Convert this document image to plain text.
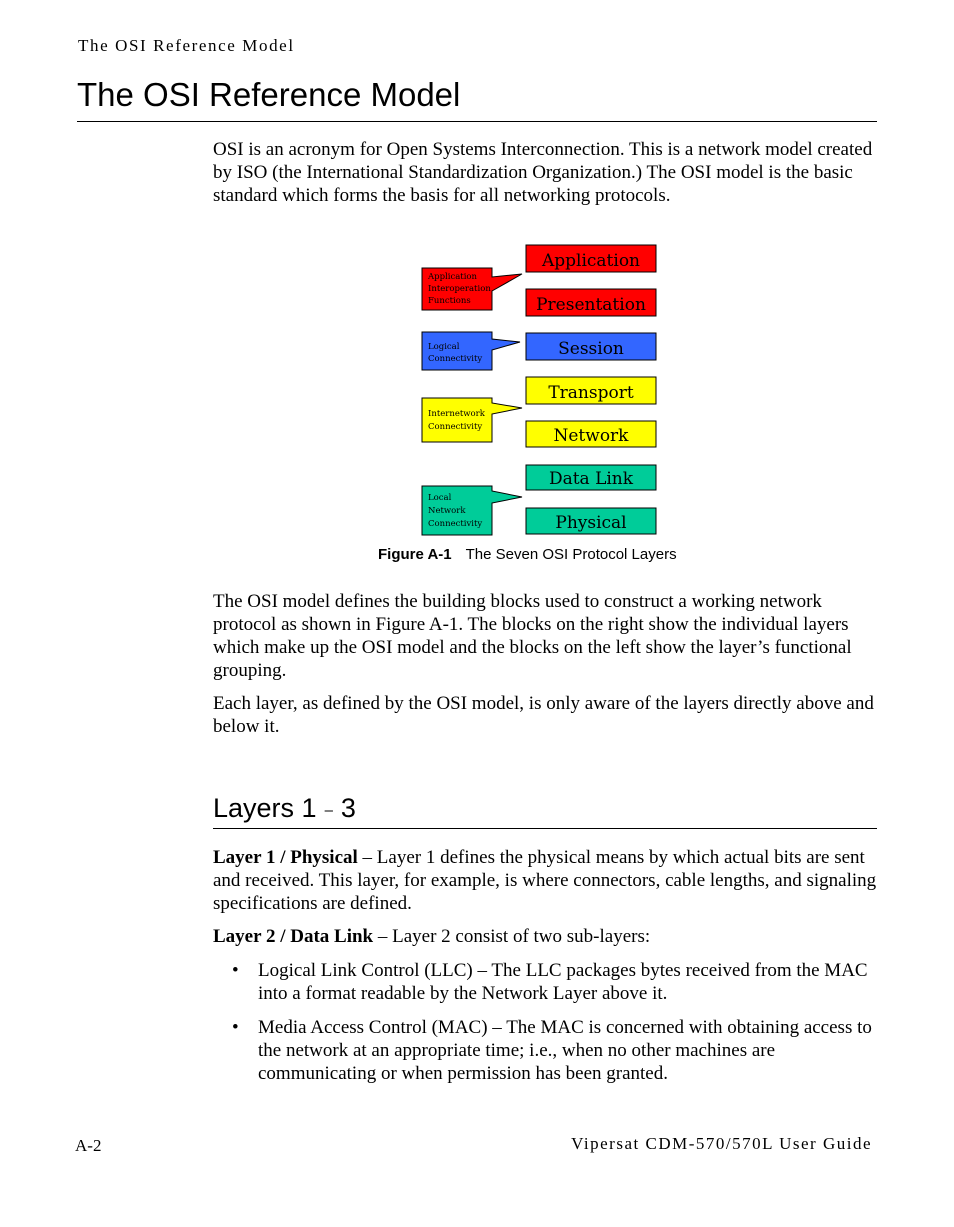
The OSI Reference Model
The OSI Reference Model

OSI is an acronym for Open Systems Interconnection. This is a network model created by ISO (the International Standardization Organization.) The OSI model is the basic standard which forms the basis for all networking protocols.

Application
Presentation
Session
Transport
Network
Data Link
Physical
Application
Interoperation
Functions
Logical
Connectivity
Internetwork
Connectivity
Local
Network
Connectivity
Figure A-1 The Seven OSI Protocol Layers

The OSI model defines the building blocks used to construct a working network protocol as shown in Figure A-1. The blocks on the right show the individual layers which make up the OSI model and the blocks on the left show the layer’s functional grouping.

Each layer, as defined by the OSI model, is only aware of the layers directly above and below it.

Layers 1 – 3

Layer 1 / Physical – Layer 1 defines the physical means by which actual bits are sent and received. This layer, for example, is where connectors, cable lengths, and signaling specifications are defined.

Layer 2 / Data Link – Layer 2 consist of two sub-layers:

• Logical Link Control (LLC) – The LLC packages bytes received from the MAC into a format readable by the Network Layer above it.
• Media Access Control (MAC) – The MAC is concerned with obtaining access to the network at an appropriate time; i.e., when no other machines are communicating or when permission has been granted.
A-2	Vipersat CDM-570/570L User Guide
